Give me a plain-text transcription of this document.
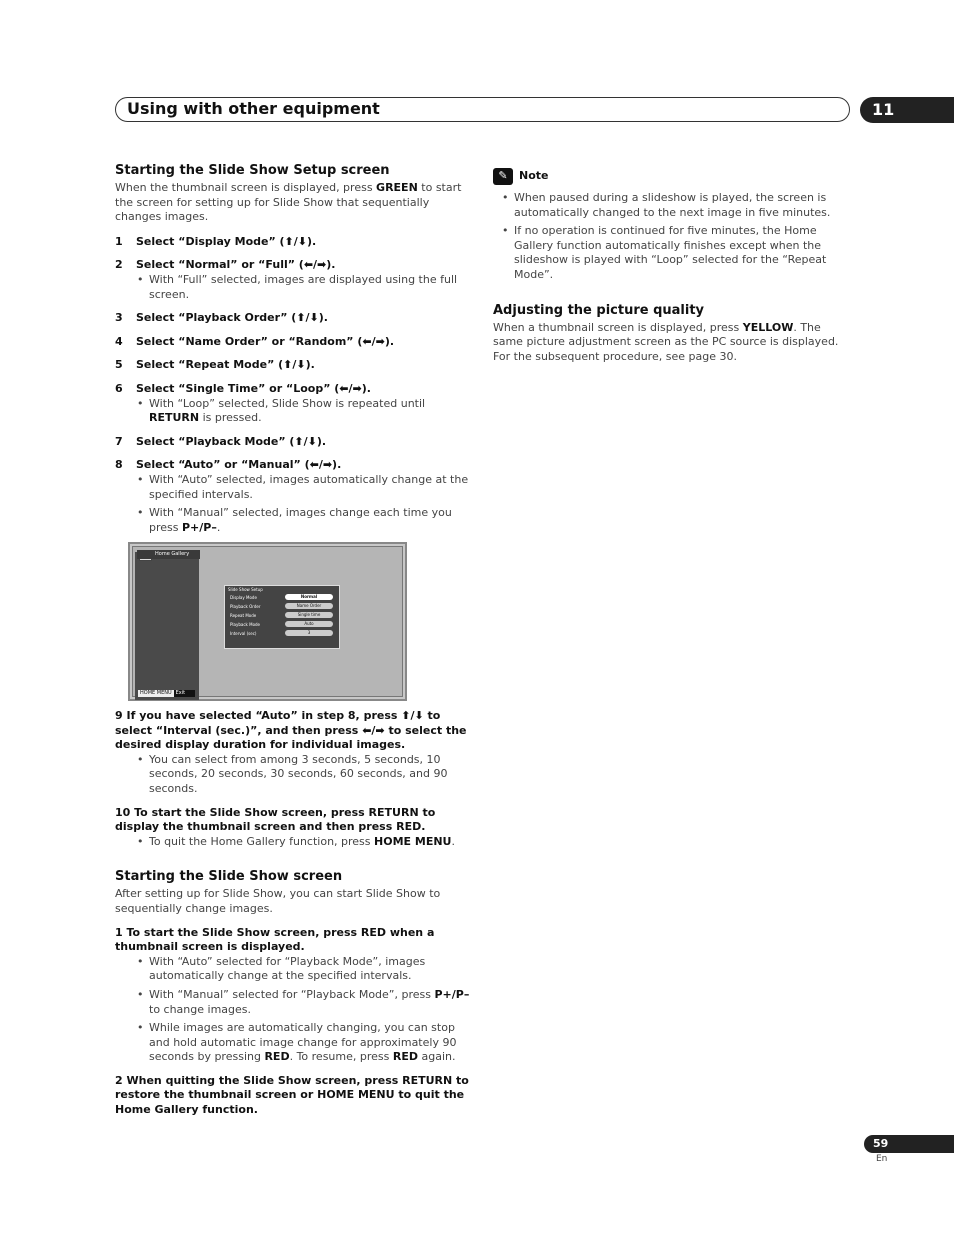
Using with other equipment	11
Starting the Slide Show Setup screen

When the thumbnail screen is displayed, press GREEN to start the screen for setting up for Slide Show that sequentially changes images.

1 Select “Display Mode” (⬆/⬇).

2 Select “Normal” or “Full” (⬅/➡).

• With “Full” selected, images are displayed using the full screen.

3 Select “Playback Order” (⬆/⬇).

4 Select “Name Order” or “Random” (⬅/➡).

5 Select “Repeat Mode” (⬆/⬇).

6 Select “Single Time” or “Loop” (⬅/➡).

• With “Loop” selected, Slide Show is repeated until RETURN is pressed.

7 Select “Playback Mode” (⬆/⬇).

8 Select “Auto” or “Manual” (⬅/➡).

• With “Auto” selected, images automatically change at the specified intervals.

• With “Manual” selected, images change each time you press P+/P–.

Home Gallery
HOME MENU Exit
Slide Show Setup
Display Mode	Normal
Playback Order	Name Order
Repeat Mode	Single time
Playback Mode	Auto
Interval (sec)	3

9 If you have selected “Auto” in step 8, press ⬆/⬇ to select “Interval (sec.)”, and then press ⬅/➡ to select the desired display duration for individual images.

• You can select from among 3 seconds, 5 seconds, 10 seconds, 20 seconds, 30 seconds, 60 seconds, and 90 seconds.

10 To start the Slide Show screen, press RETURN to display the thumbnail screen and then press RED.

• To quit the Home Gallery function, press HOME MENU.

Starting the Slide Show screen

After setting up for Slide Show, you can start Slide Show to sequentially change images.

1 To start the Slide Show screen, press RED when a thumbnail screen is displayed.

• With “Auto” selected for “Playback Mode”, images automatically change at the specified intervals.

• With “Manual” selected for “Playback Mode”, press P+/P– to change images.

• While images are automatically changing, you can stop and hold automatic image change for approximately 90 seconds by pressing RED. To resume, press RED again.

2 When quitting the Slide Show screen, press RETURN to restore the thumbnail screen or HOME MENU to quit the Home Gallery function.

✎	Note

• When paused during a slideshow is played, the screen is automatically changed to the next image in five minutes.

• If no operation is continued for five minutes, the Home Gallery function automatically finishes except when the slideshow is played with “Loop” selected for the “Repeat Mode”.

Adjusting the picture quality

When a thumbnail screen is displayed, press YELLOW. The same picture adjustment screen as the PC source is displayed. For the subsequent procedure, see page 30.

59
En
